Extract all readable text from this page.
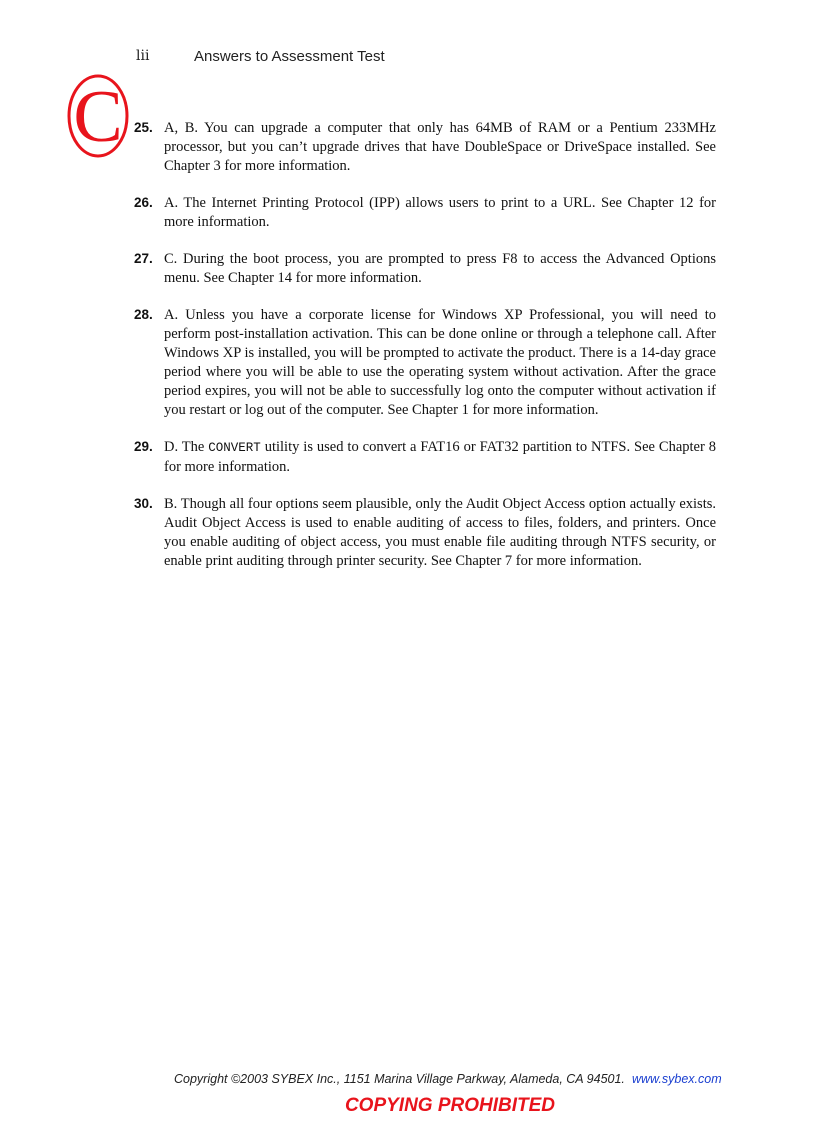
lii	Answers to Assessment Test
C 25. A, B. You can upgrade a computer that only has 64MB of RAM or a Pentium 233MHz processor, but you can’t upgrade drives that have DoubleSpace or DriveSpace installed. See Chapter 3 for more information.

26. A. The Internet Printing Protocol (IPP) allows users to print to a URL. See Chapter 12 for more information.

27. C. During the boot process, you are prompted to press F8 to access the Advanced Options menu. See Chapter 14 for more information.

28. A. Unless you have a corporate license for Windows XP Professional, you will need to perform post-installation activation. This can be done online or through a telephone call. After Windows XP is installed, you will be prompted to activate the product. There is a 14-day grace period where you will be able to use the operating system without activation. After the grace period expires, you will not be able to successfully log onto the computer without activation if you restart or log out of the computer. See Chapter 1 for more information.

29. D. The CONVERT utility is used to convert a FAT16 or FAT32 partition to NTFS. See Chapter 8 for more information.

30. B. Though all four options seem plausible, only the Audit Object Access option actually exists. Audit Object Access is used to enable auditing of access to files, folders, and printers. Once you enable auditing of object access, you must enable file auditing through NTFS security, or enable print auditing through printer security. See Chapter 7 for more information.

Copyright ©2003 SYBEX Inc., 1151 Marina Village Parkway, Alameda, CA 94501. www.sybex.com
COPYING PROHIBITED
